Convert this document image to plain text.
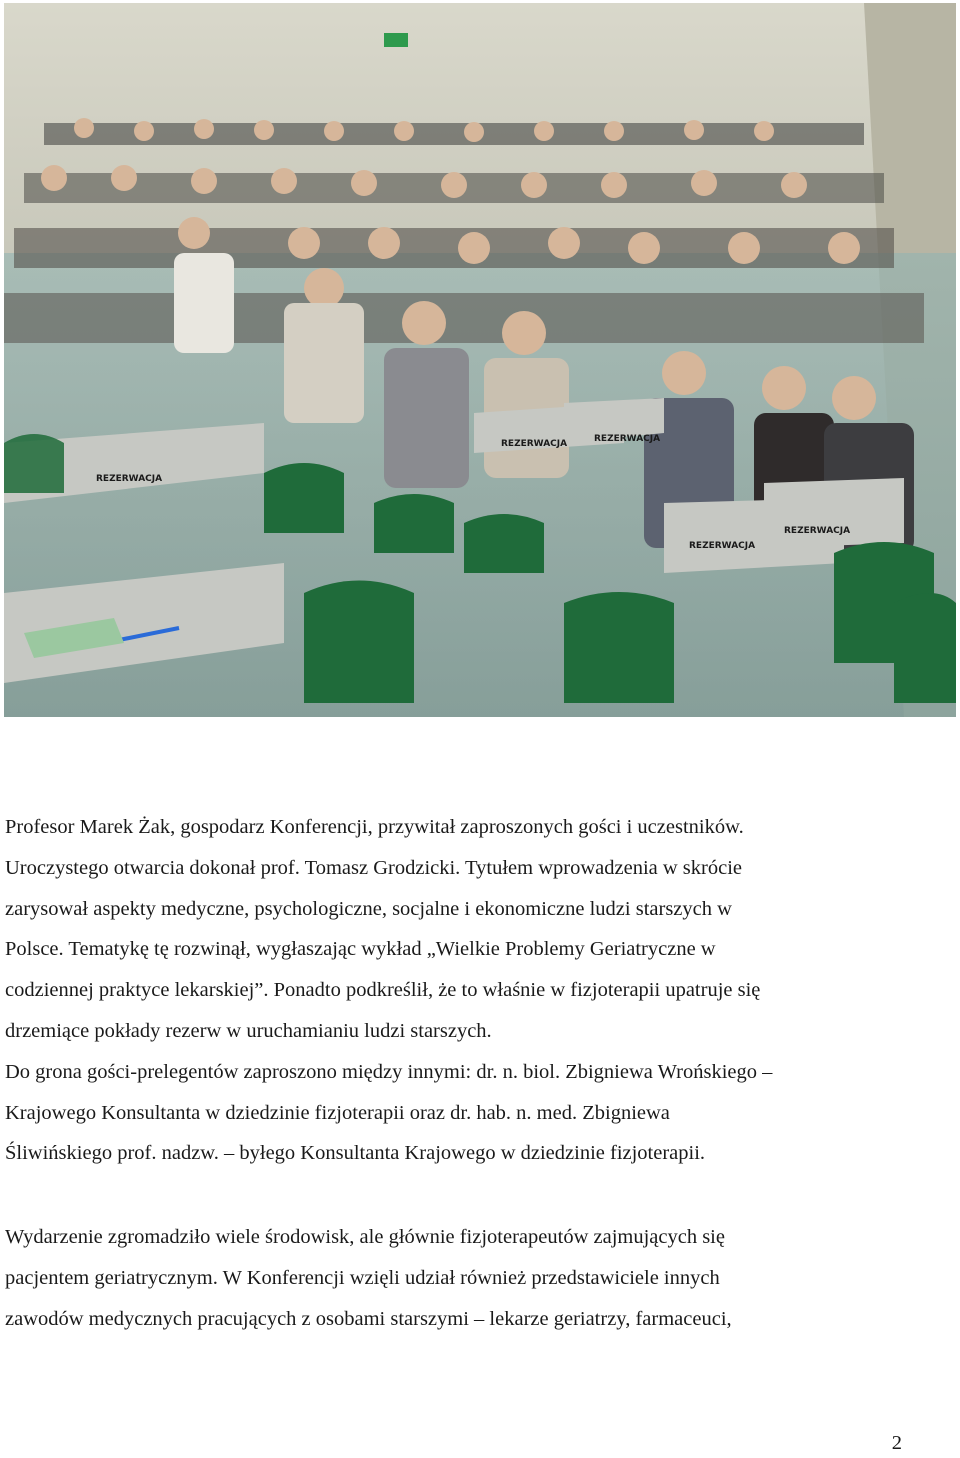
REZERWACJA
REZERWACJA	REZERWACJA
REZERWACJA
REZERWACJA
Profesor Marek Żak, gospodarz Konferencji, przywitał zaproszonych gości i uczestników.
Uroczystego otwarcia dokonał prof. Tomasz Grodzicki. Tytułem wprowadzenia w skrócie
zarysował aspekty medyczne, psychologiczne, socjalne i ekonomiczne ludzi starszych w
Polsce. Tematykę tę rozwinął, wygłaszając wykład „Wielkie Problemy Geriatryczne w
codziennej praktyce lekarskiej”. Ponadto podkreślił, że to właśnie w fizjoterapii upatruje się
drzemiące pokłady rezerw w uruchamianiu ludzi starszych.
Do grona gości-prelegentów zaproszono między innymi: dr. n. biol. Zbigniewa Wrońskiego –
Krajowego Konsultanta w dziedzinie fizjoterapii oraz dr. hab. n. med. Zbigniewa
Śliwińskiego prof. nadzw. – byłego Konsultanta Krajowego w dziedzinie fizjoterapii.
Wydarzenie zgromadziło wiele środowisk, ale głównie fizjoterapeutów zajmujących się
pacjentem geriatrycznym. W Konferencji wzięli udział również przedstawiciele innych
zawodów medycznych pracujących z osobami starszymi – lekarze geriatrzy, farmaceuci,
2
